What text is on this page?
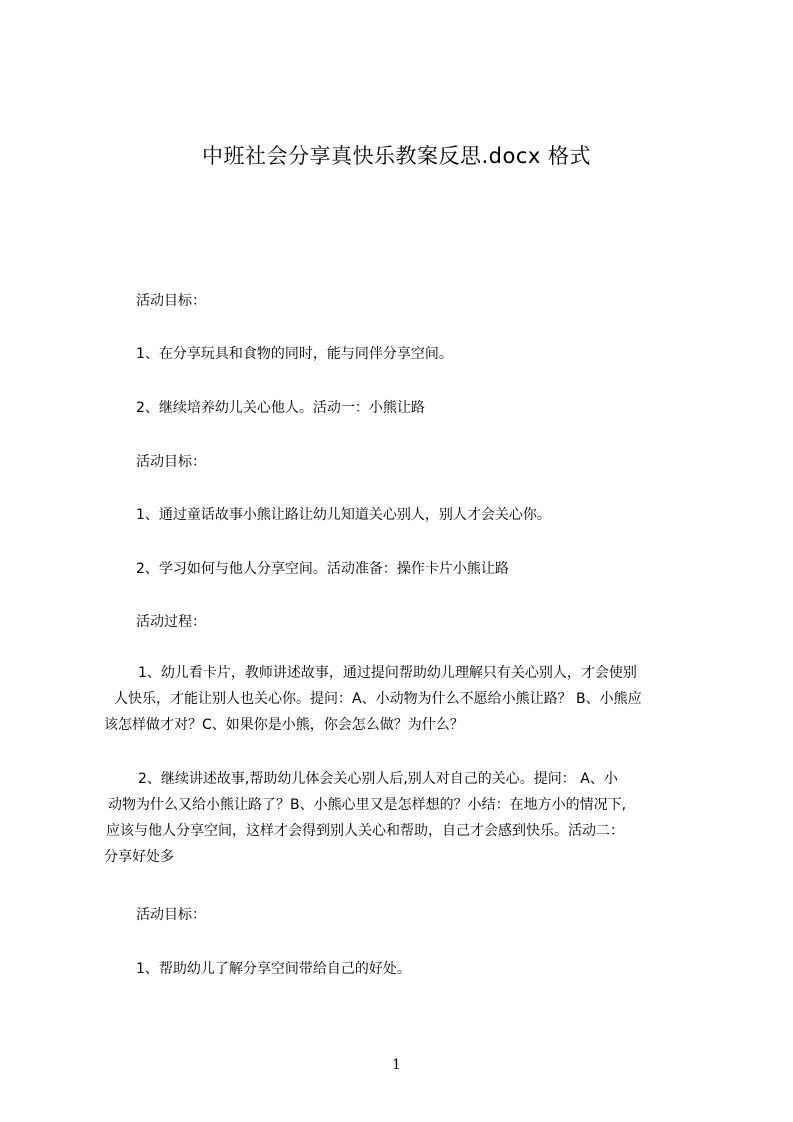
中班社会分享真快乐教案反思.docx 格式
活动目标：
1、在分享玩具和食物的同时，能与同伴分享空间。
2、继续培养幼儿关心他人。活动一：小熊让路
活动目标：
1、通过童话故事小熊让路让幼儿知道关心别人，别人才会关心你。
2、学习如何与他人分享空间。活动准备：操作卡片小熊让路
活动过程：
1、幼儿看卡片，教师讲述故事，通过提问帮助幼儿理解只有关心别人，才会使别
人快乐，才能让别人也关心你。提问：A、小动物为什么不愿给小熊让路？ B、小熊应
该怎样做才对？C、如果你是小熊，你会怎么做？为什么？
2、继续讲述故事,帮助幼儿体会关心别人后,别人对自己的关心。提问： A、小
动物为什么又给小熊让路了？B、小熊心里又是怎样想的？小结：在地方小的情况下,
应该与他人分享空间，这样才会得到别人关心和帮助，自己才会感到快乐。活动二：
分享好处多
活动目标：
1、帮助幼儿了解分享空间带给自己的好处。
1
